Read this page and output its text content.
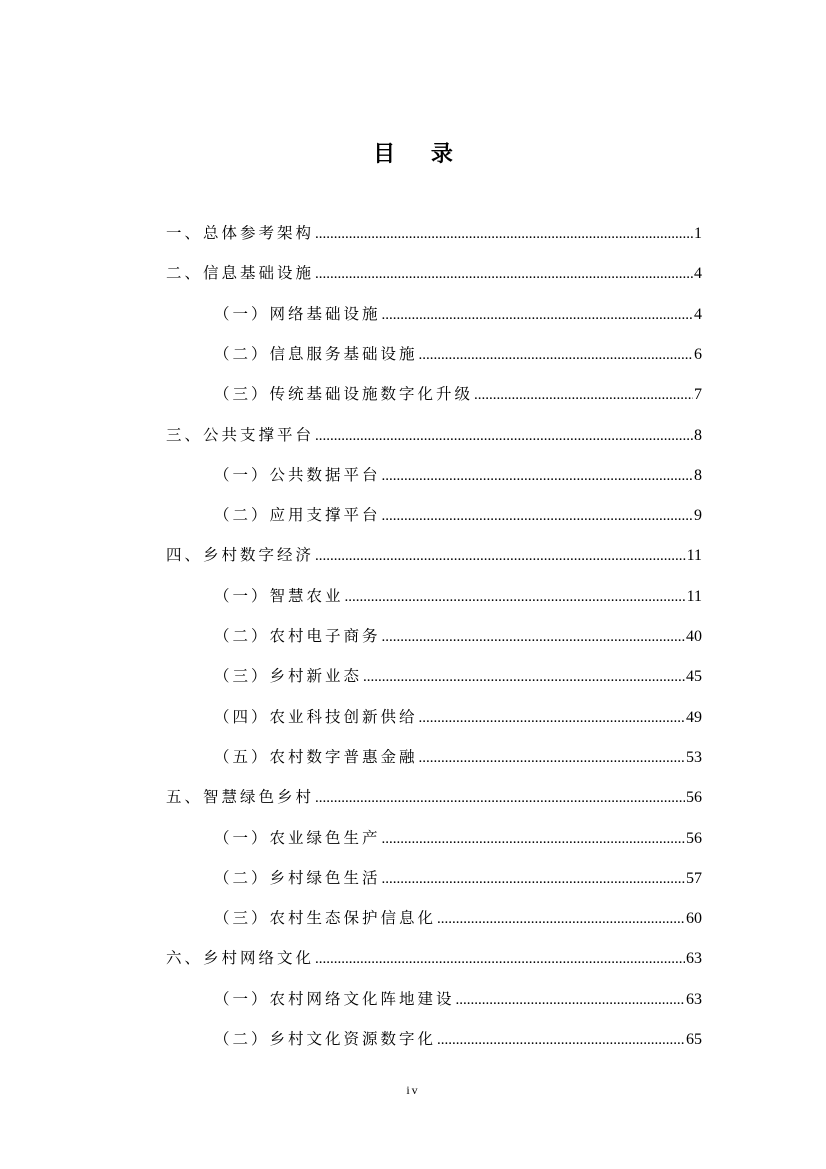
目 录
一、总体参考架构 .....	1
二、信息基础设施 .....	4
（一）网络基础设施 .....	4
（二）信息服务基础设施 .....	6
（三）传统基础设施数字化升级 .....	7
三、公共支撑平台 .....	8
（一）公共数据平台 .....	8
（二）应用支撑平台 .....	9
四、乡村数字经济 .....	11
（一）智慧农业 .....	11
（二）农村电子商务 .....	40
（三）乡村新业态 .....	45
（四）农业科技创新供给 .....	49
（五）农村数字普惠金融 .....	53
五、智慧绿色乡村 .....	56
（一）农业绿色生产 .....	56
（二）乡村绿色生活 .....	57
（三）农村生态保护信息化 .....	60
六、乡村网络文化 .....	63
（一）农村网络文化阵地建设 .....	63
（二）乡村文化资源数字化 .....	65
iv
